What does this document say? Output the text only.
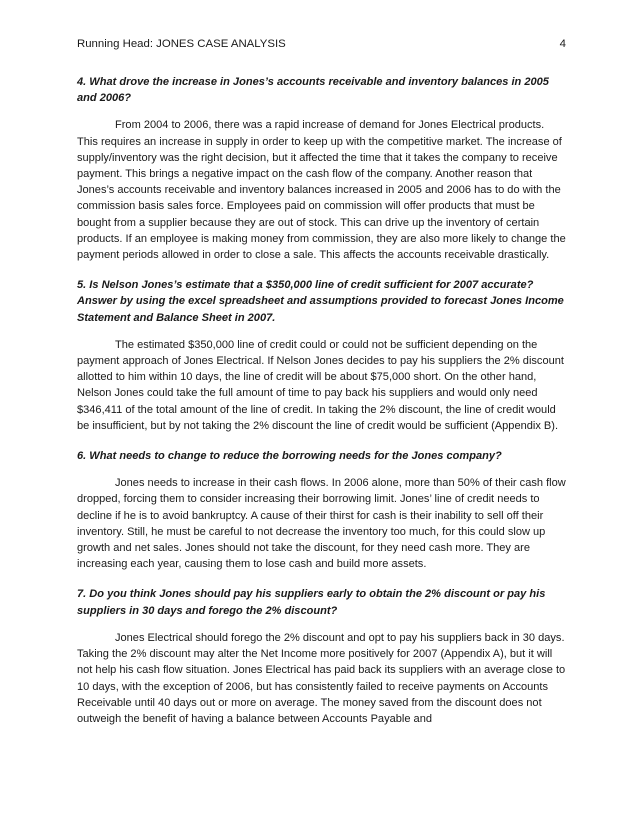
Running Head: JONES CASE ANALYSIS	4

4. What drove the increase in Jones’s accounts receivable and inventory balances in 2005 and 2006?

From 2004 to 2006, there was a rapid increase of demand for Jones Electrical products. This requires an increase in supply in order to keep up with the competitive market. The increase of supply/inventory was the right decision, but it affected the time that it takes the company to receive payment. This brings a negative impact on the cash flow of the company. Another reason that Jones’s accounts receivable and inventory balances increased in 2005 and 2006 has to do with the commission basis sales force. Employees paid on commission will offer products that must be bought from a supplier because they are out of stock. This can drive up the inventory of certain products. If an employee is making money from commission, they are also more likely to change the payment periods allowed in order to close a sale. This affects the accounts receivable drastically.

5. Is Nelson Jones’s estimate that a $350,000 line of credit sufficient for 2007 accurate? Answer by using the excel spreadsheet and assumptions provided to forecast Jones Income Statement and Balance Sheet in 2007.

The estimated $350,000 line of credit could or could not be sufficient depending on the payment approach of Jones Electrical. If Nelson Jones decides to pay his suppliers the 2% discount allotted to him within 10 days, the line of credit will be about $75,000 short. On the other hand, Nelson Jones could take the full amount of time to pay back his suppliers and would only need $346,411 of the total amount of the line of credit. In taking the 2% discount, the line of credit would be insufficient, but by not taking the 2% discount the line of credit would be sufficient (Appendix B).

6. What needs to change to reduce the borrowing needs for the Jones company?

Jones needs to increase in their cash flows. In 2006 alone, more than 50% of their cash flow dropped, forcing them to consider increasing their borrowing limit. Jones’ line of credit needs to decline if he is to avoid bankruptcy. A cause of their thirst for cash is their inability to sell off their inventory. Still, he must be careful to not decrease the inventory too much, for this could slow up growth and net sales. Jones should not take the discount, for they need cash more. They are increasing each year, causing them to lose cash and build more assets.

7. Do you think Jones should pay his suppliers early to obtain the 2% discount or pay his suppliers in 30 days and forego the 2% discount?

Jones Electrical should forego the 2% discount and opt to pay his suppliers back in 30 days. Taking the 2% discount may alter the Net Income more positively for 2007 (Appendix A), but it will not help his cash flow situation. Jones Electrical has paid back its suppliers with an average close to 10 days, with the exception of 2006, but has consistently failed to receive payments on Accounts Receivable until 40 days out or more on average. The money saved from the discount does not outweigh the benefit of having a balance between Accounts Payable and
